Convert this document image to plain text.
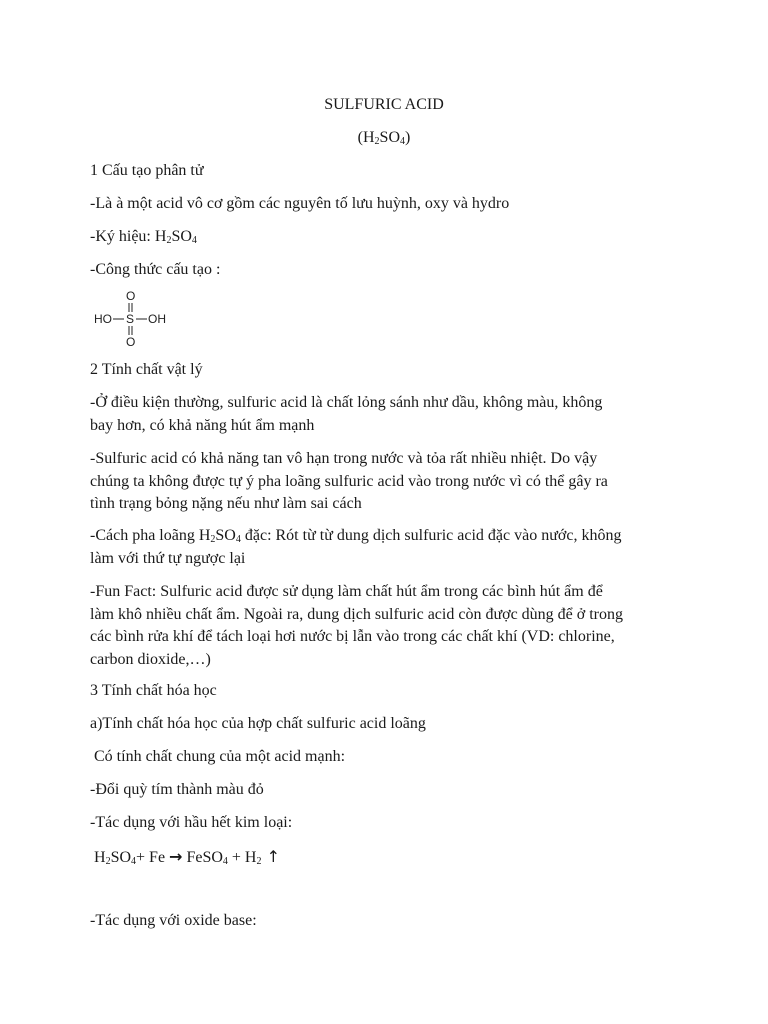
SULFURIC ACID
$(H_2SO_4)$
1 Cấu tạo phân tử
-Là à một acid vô cơ gồm các nguyên tố lưu huỳnh, oxy và hydro
-Ký hiệu: $H_2SO_4$
-Công thức cấu tạo :
O
HO S OH
O
2 Tính chất vật lý
-Ở điều kiện thường, sulfuric acid là chất lỏng sánh như dầu, không màu, không
bay hơn, có khả năng hút ẩm mạnh
-Sulfuric acid có khả năng tan vô hạn trong nước và tỏa rất nhiều nhiệt. Do vậy
chúng ta không được tự ý pha loãng sulfuric acid vào trong nước vì có thể gây ra
tình trạng bỏng nặng nếu như làm sai cách
-Cách pha loãng $H_2SO_4$ đặc: Rót từ từ dung dịch sulfuric acid đặc vào nước, không
làm với thứ tự ngược lại
-Fun Fact: Sulfuric acid được sử dụng làm chất hút ẩm trong các bình hút ẩm để
làm khô nhiều chất ẩm. Ngoài ra, dung dịch sulfuric acid còn được dùng để ở trong
các bình rửa khí để tách loại hơi nước bị lẫn vào trong các chất khí (VD: chlorine,
carbon dioxide,…)
3 Tính chất hóa học
a)Tính chất hóa học của hợp chất sulfuric acid loãng
Có tính chất chung của một acid mạnh:
-Đổi quỳ tím thành màu đỏ
-Tác dụng với hầu hết kim loại:
$H_2SO_4+ Fe$ → FeSO$_4$ + $H_2$ ↑
-Tác dụng với oxide base:
